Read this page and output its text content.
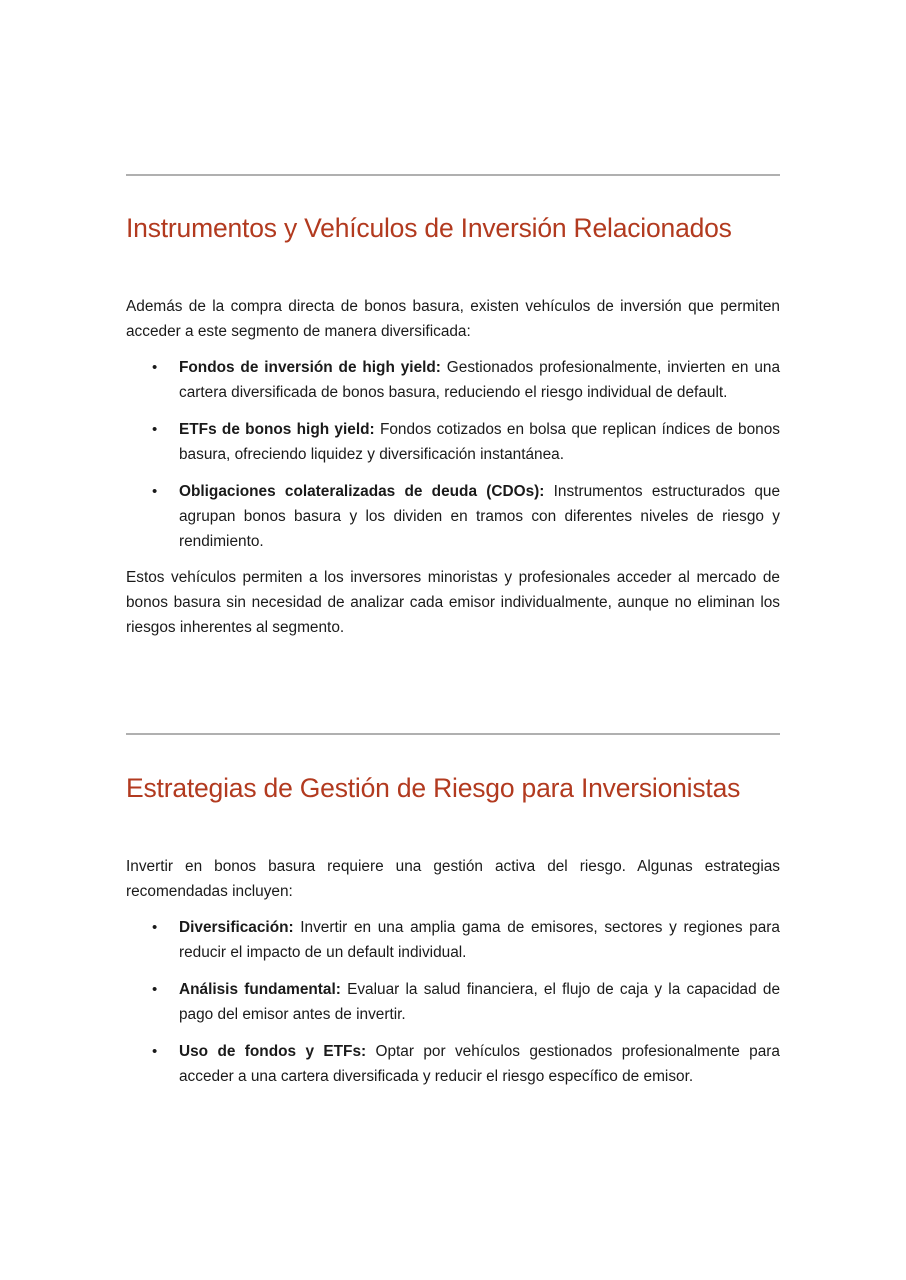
Instrumentos y Vehículos de Inversión Relacionados

Además de la compra directa de bonos basura, existen vehículos de inversión que permiten acceder a este segmento de manera diversificada:

• Fondos de inversión de high yield: Gestionados profesionalmente, invierten en una cartera diversificada de bonos basura, reduciendo el riesgo individual de default.
• ETFs de bonos high yield: Fondos cotizados en bolsa que replican índices de bonos basura, ofreciendo liquidez y diversificación instantánea.
• Obligaciones colateralizadas de deuda (CDOs): Instrumentos estructurados que agrupan bonos basura y los dividen en tramos con diferentes niveles de riesgo y rendimiento.

Estos vehículos permiten a los inversores minoristas y profesionales acceder al mercado de bonos basura sin necesidad de analizar cada emisor individualmente, aunque no eliminan los riesgos inherentes al segmento.

Estrategias de Gestión de Riesgo para Inversionistas

Invertir en bonos basura requiere una gestión activa del riesgo. Algunas estrategias recomendadas incluyen:

• Diversificación: Invertir en una amplia gama de emisores, sectores y regiones para reducir el impacto de un default individual.
• Análisis fundamental: Evaluar la salud financiera, el flujo de caja y la capacidad de pago del emisor antes de invertir.
• Uso de fondos y ETFs: Optar por vehículos gestionados profesionalmente para acceder a una cartera diversificada y reducir el riesgo específico de emisor.
